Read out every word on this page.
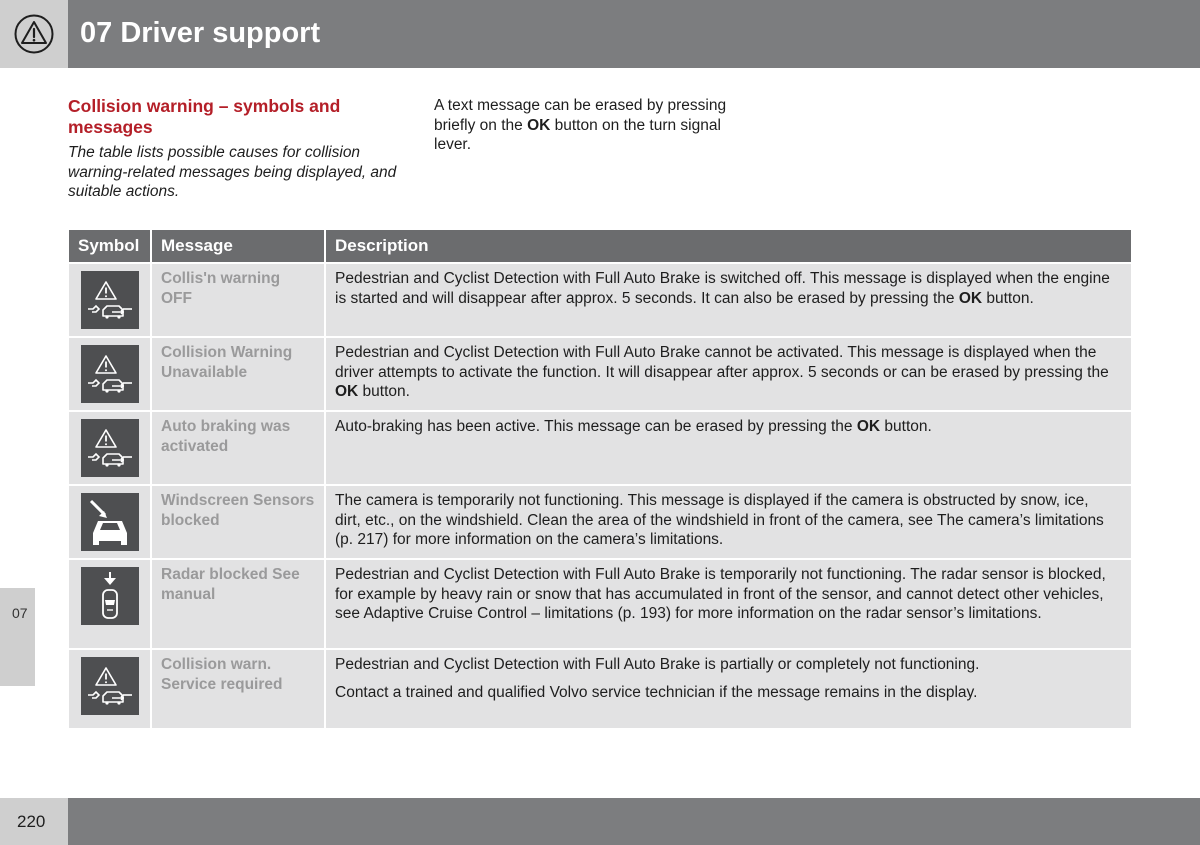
07 Driver support
07
Collision warning – symbols and messages
The table lists possible causes for collision warning-related messages being displayed, and suitable actions.
A text message can be erased by pressing briefly on the OK button on the turn signal lever.
Symbol	Message	Description
Collis'n warning OFF

Pedestrian and Cyclist Detection with Full Auto Brake is switched off. This message is displayed when the engine is started and will disappear after approx. 5 seconds. It can also be erased by pressing the OK button.

Collision Warning Unavailable

Pedestrian and Cyclist Detection with Full Auto Brake cannot be activated. This message is displayed when the driver attempts to activate the function. It will disappear after approx. 5 seconds or can be erased by pressing the OK button.

Auto braking was activated

Auto-braking has been active. This message can be erased by pressing the OK button.

Windscreen Sensors blocked

The camera is temporarily not functioning. This message is displayed if the camera is obstructed by snow, ice, dirt, etc., on the windshield. Clean the area of the windshield in front of the camera, see The camera’s limitations (p. 217) for more information on the camera’s limitations.

Radar blocked See manual

Pedestrian and Cyclist Detection with Full Auto Brake is temporarily not functioning. The radar sensor is blocked, for example by heavy rain or snow that has accumulated in front of the sensor, and cannot detect other vehicles, see Adaptive Cruise Control – limitations (p. 193) for more information on the radar sensor’s limitations.

Collision warn. Service required

Pedestrian and Cyclist Detection with Full Auto Brake is partially or completely not functioning.

Contact a trained and qualified Volvo service technician if the message remains in the display.

220
